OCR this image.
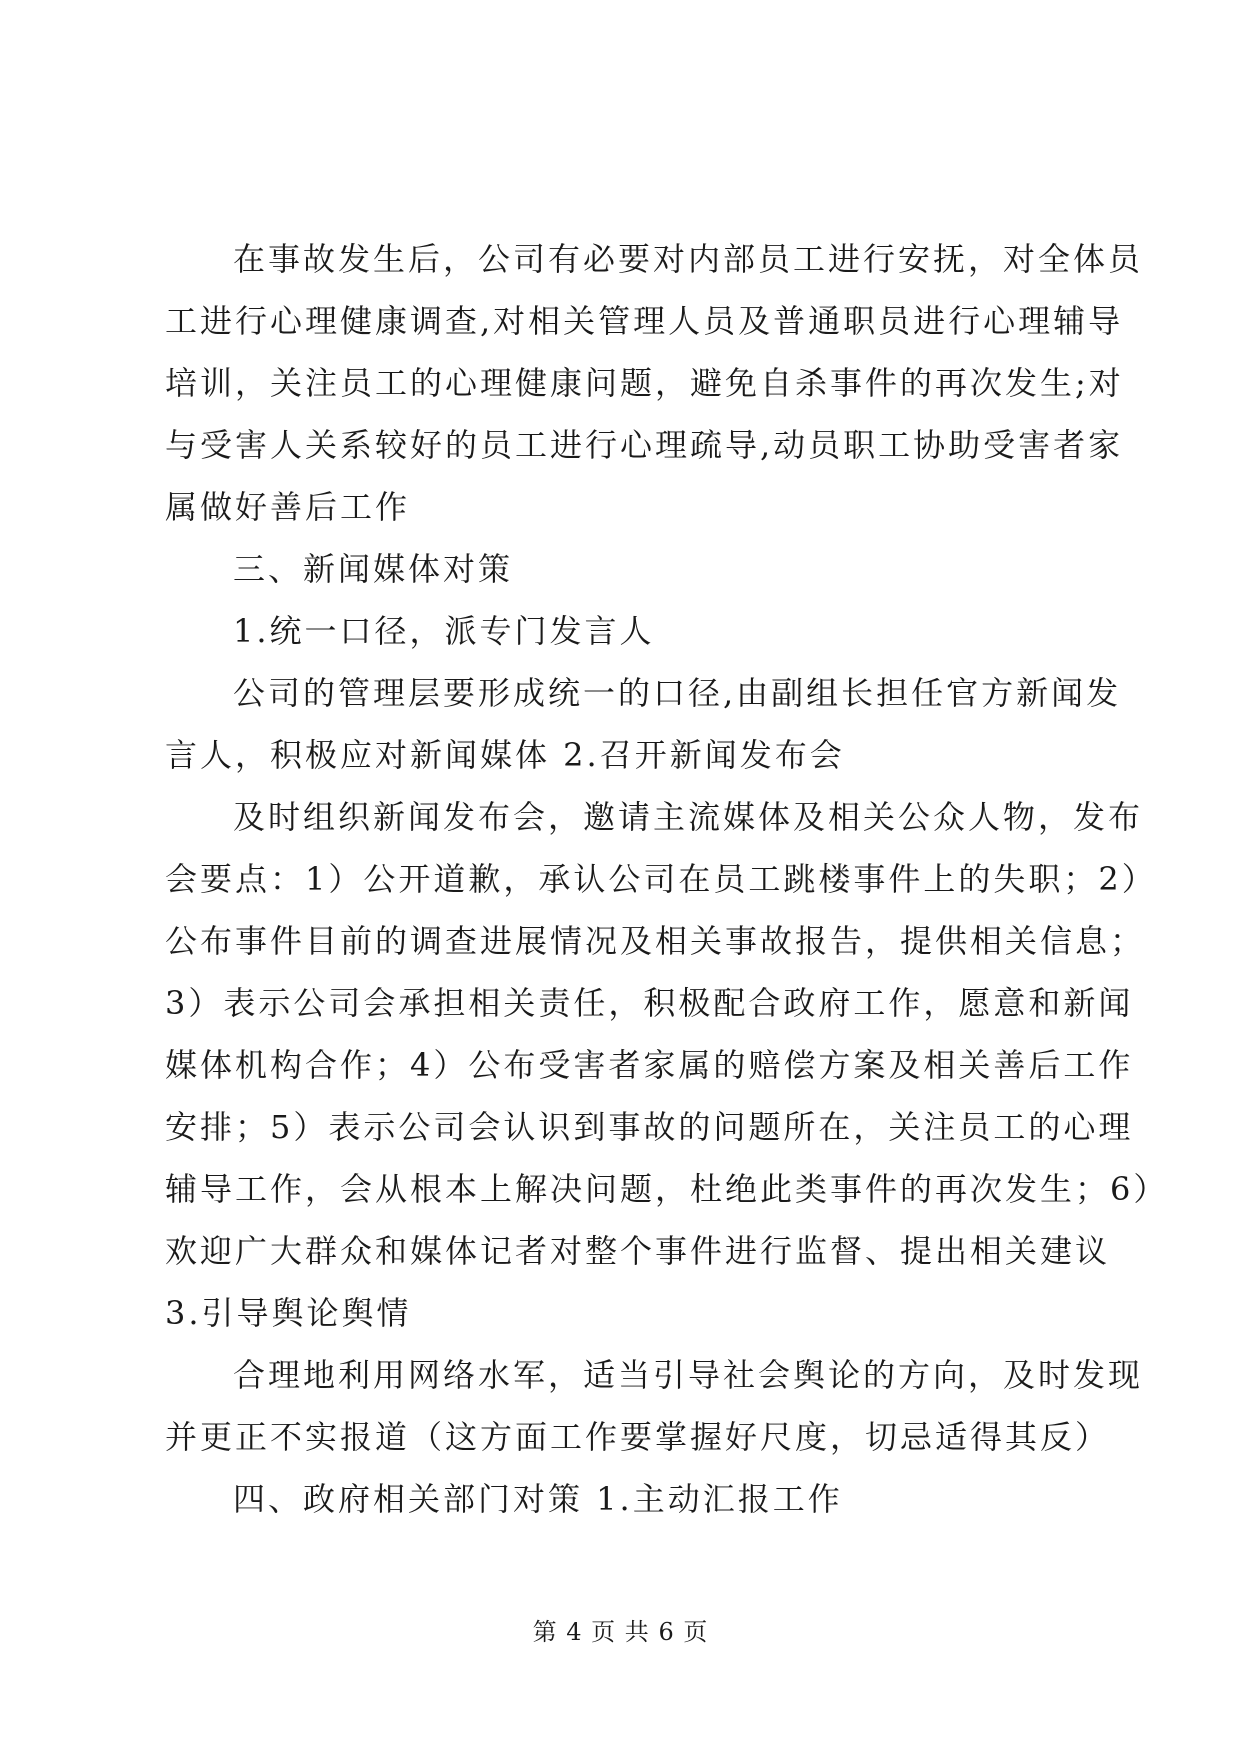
在事故发生后，公司有必要对内部员工进行安抚，对全体员
工进行心理健康调查,对相关管理人员及普通职员进行心理辅导
培训，关注员工的心理健康问题，避免自杀事件的再次发生;对
与受害人关系较好的员工进行心理疏导,动员职工协助受害者家
属做好善后工作
三、新闻媒体对策
1.统一口径，派专门发言人
公司的管理层要形成统一的口径,由副组长担任官方新闻发
言人，积极应对新闻媒体 2.召开新闻发布会
及时组织新闻发布会，邀请主流媒体及相关公众人物，发布
会要点：1）公开道歉，承认公司在员工跳楼事件上的失职；2）
公布事件目前的调查进展情况及相关事故报告，提供相关信息；
3）表示公司会承担相关责任，积极配合政府工作，愿意和新闻
媒体机构合作；4）公布受害者家属的赔偿方案及相关善后工作
安排；5）表示公司会认识到事故的问题所在，关注员工的心理
辅导工作，会从根本上解决问题，杜绝此类事件的再次发生；6）
欢迎广大群众和媒体记者对整个事件进行监督、提出相关建议
3.引导舆论舆情
合理地利用网络水军，适当引导社会舆论的方向，及时发现
并更正不实报道（这方面工作要掌握好尺度，切忌适得其反）
四、政府相关部门对策 1.主动汇报工作
第 4 页 共 6 页
